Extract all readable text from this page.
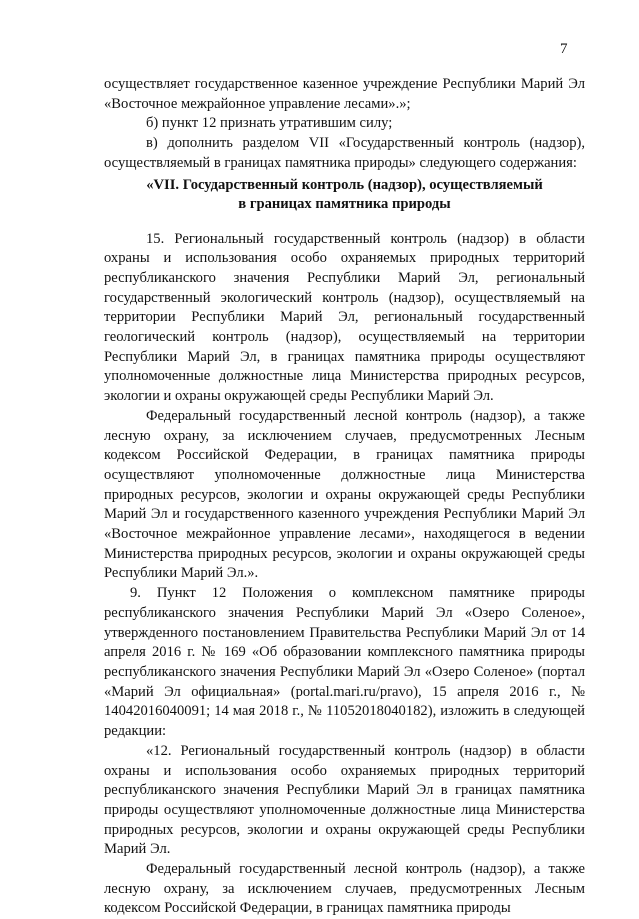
7

осуществляет государственное казенное учреждение Республики Марий Эл «Восточное межрайонное управление лесами».»;

б) пункт 12 признать утратившим силу;

в) дополнить разделом VII «Государственный контроль (надзор), осуществляемый в границах памятника природы» следующего содержания:

«VII. Государственный контроль (надзор), осуществляемый
в границах памятника природы

15. Региональный государственный контроль (надзор) в области охраны и использования особо охраняемых природных территорий республиканского значения Республики Марий Эл, региональный государственный экологический контроль (надзор), осуществляемый на территории Республики Марий Эл, региональный государственный геологический контроль (надзор), осуществляемый на территории Республики Марий Эл, в границах памятника природы осуществляют уполномоченные должностные лица Министерства природных ресурсов, экологии и охраны окружающей среды Республики Марий Эл.

Федеральный государственный лесной контроль (надзор), а также лесную охрану, за исключением случаев, предусмотренных Лесным кодексом Российской Федерации, в границах памятника природы осуществляют уполномоченные должностные лица Министерства природных ресурсов, экологии и охраны окружающей среды Республики Марий Эл и государственного казенного учреждения Республики Марий Эл «Восточное межрайонное управление лесами», находящегося в ведении Министерства природных ресурсов, экологии и охраны окружающей среды Республики Марий Эл.».

9. Пункт 12 Положения о комплексном памятнике природы республиканского значения Республики Марий Эл «Озеро Соленое», утвержденного постановлением Правительства Республики Марий Эл от 14 апреля 2016 г. № 169 «Об образовании комплексного памятника природы республиканского значения Республики Марий Эл «Озеро Соленое» (портал «Марий Эл официальная» (portal.mari.ru/pravo), 15 апреля 2016 г., № 14042016040091; 14 мая 2018 г., № 11052018040182), изложить в следующей редакции:

«12. Региональный государственный контроль (надзор) в области охраны и использования особо охраняемых природных территорий республиканского значения Республики Марий Эл в границах памятника природы осуществляют уполномоченные должностные лица Министерства природных ресурсов, экологии и охраны окружающей среды Республики Марий Эл.

Федеральный государственный лесной контроль (надзор), а также лесную охрану, за исключением случаев, предусмотренных Лесным кодексом Российской Федерации, в границах памятника природы
